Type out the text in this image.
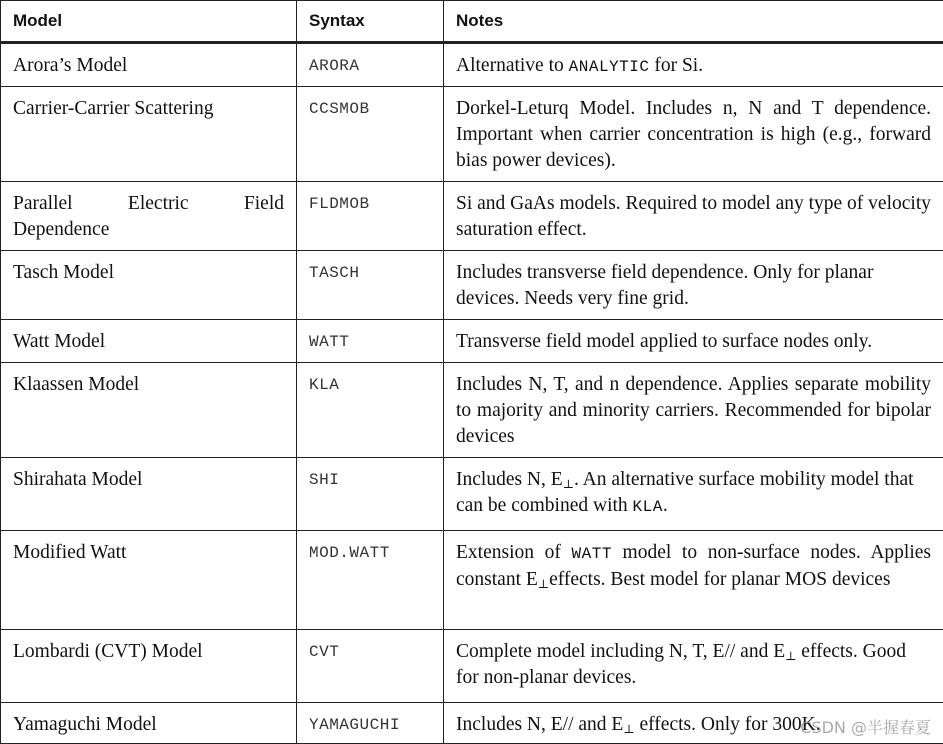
Model	Syntax	Notes
Arora’s Model	ARORA	Alternative to ANALYTIC for Si.
Carrier-Carrier Scattering	CCSMOB	Dorkel-Leturq Model. Includes n, N and T dependence. Important when carrier concentration is high (e.g., forward bias power devices).
Parallel Electric Field Dependence	FLDMOB	Si and GaAs models. Required to model any type of velocity saturation effect.
Tasch Model	TASCH	Includes transverse field dependence. Only for planar devices. Needs very fine grid.
Watt Model	WATT	Transverse field model applied to surface nodes only.
Klaassen Model	KLA	Includes N, T, and n dependence. Applies separate mobility to majority and minority carriers. Recommended for bipolar devices
Shirahata Model	SHI	Includes N, $E_\perp$. An alternative surface mobility model that can be combined with KLA.
Modified Watt	MOD.WATT	Extension of WATT model to non-surface nodes. Applies constant $E_\perp effects$. Best model for planar MOS devices
Lombardi (CVT) Model	CVT	Complete model including N, T, E// and $E_\perp$ effects. Good for non-planar devices.
Yamaguchi Model	YAMAGUCHI	Includes N, E// and $E_\perp$ effects. Only for 300K.
CSDN @半握春夏
